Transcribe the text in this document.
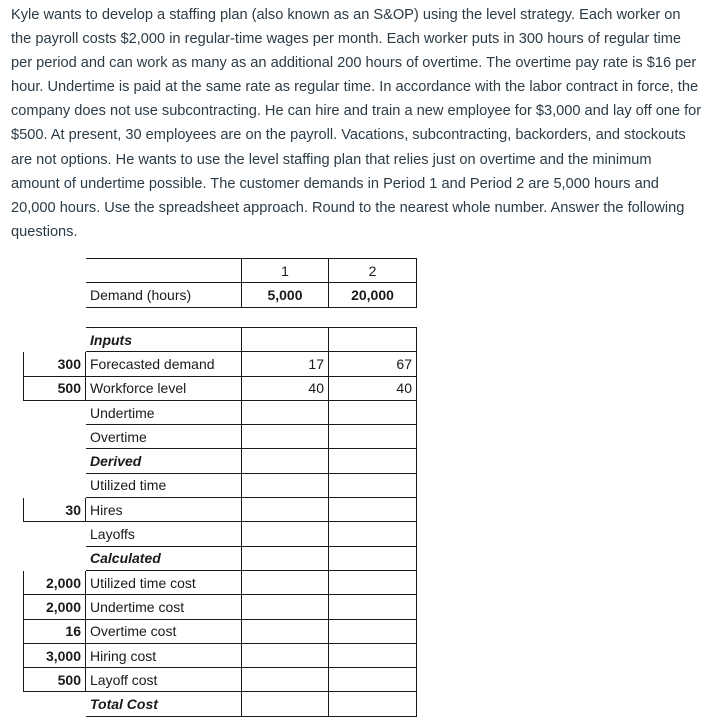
Kyle wants to develop a staffing plan (also known as an S&OP) using the level strategy. Each worker on the payroll costs $2,000 in regular-time wages per month. Each worker puts in 300 hours of regular time per period and can work as many as an additional 200 hours of overtime. The overtime pay rate is $16 per hour. Undertime is paid at the same rate as regular time. In accordance with the labor contract in force, the company does not use subcontracting. He can hire and train a new employee for $3,000 and lay off one for $500. At present, 30 employees are on the payroll. Vacations, subcontracting, backorders, and stockouts are not options. He wants to use the level staffing plan that relies just on overtime and the minimum amount of undertime possible. The customer demands in Period 1 and Period 2 are 5,000 hours and 20,000 hours. Use the spreadsheet approach. Round to the nearest whole number. Answer the following questions.

		1	2
	Demand (hours)	5,000	20,000
	Inputs		
300	Forecasted demand	17	67
500	Workforce level	40	40
	Undertime		
	Overtime		
	Derived		
	Utilized time		
30	Hires		
	Layoffs		
	Calculated		
2,000	Utilized time cost		
2,000	Undertime cost		
16	Overtime cost		
3,000	Hiring cost		
500	Layoff cost		
	Total Cost		
